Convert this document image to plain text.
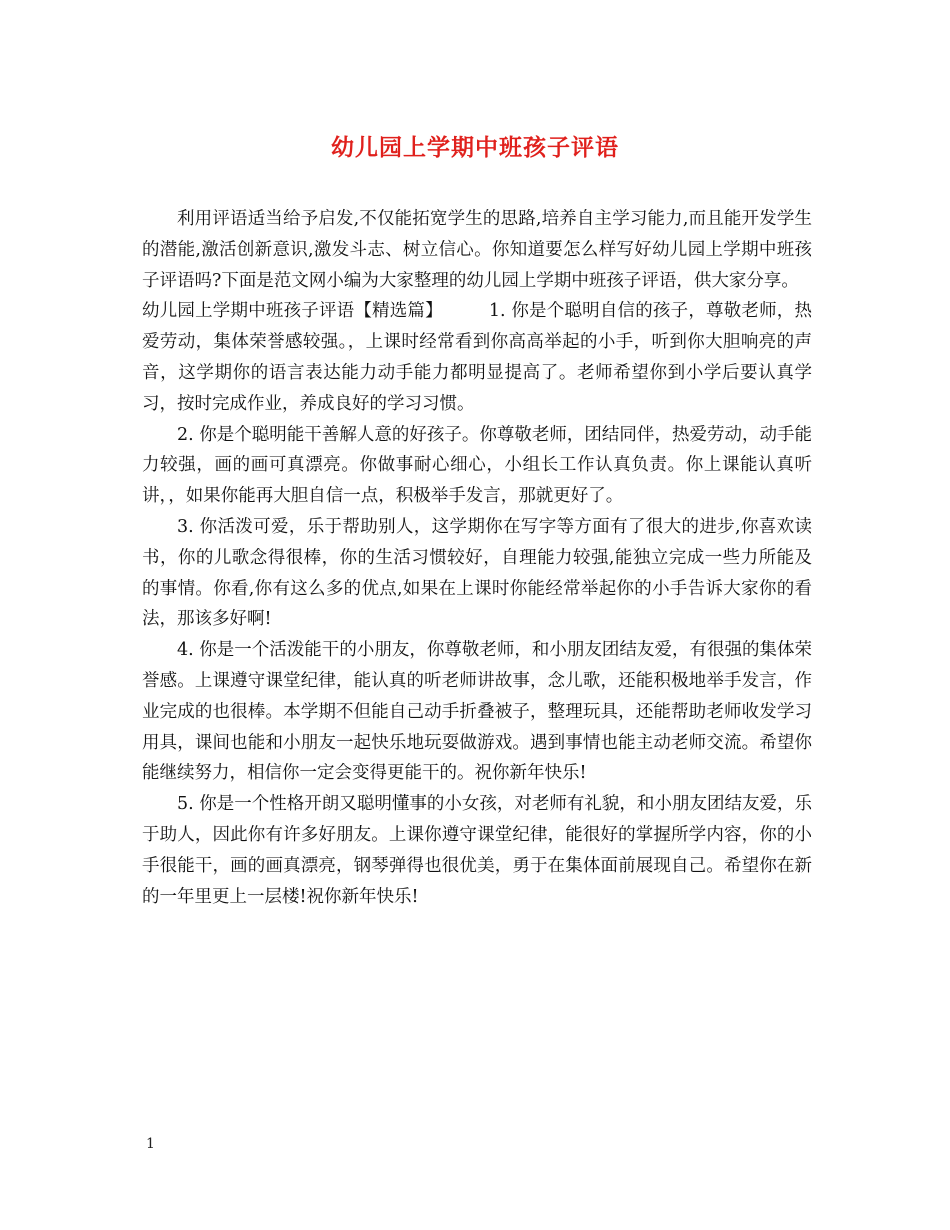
幼儿园上学期中班孩子评语

利用评语适当给予启发,不仅能拓宽学生的思路,培养自主学习能力,而且能开发学生的潜能,激活创新意识,激发斗志、树立信心。你知道要怎么样写好幼儿园上学期中班孩子评语吗?下面是范文网小编为大家整理的幼儿园上学期中班孩子评语，供大家分享。

幼儿园上学期中班孩子评语【精选篇】	1. 你是个聪明自信的孩子，尊敬老师，热爱劳动，集体荣誉感较强。，上课时经常看到你高高举起的小手，听到你大胆响亮的声音，这学期你的语言表达能力动手能力都明显提高了。老师希望你到小学后要认真学习，按时完成作业，养成良好的学习习惯。

2. 你是个聪明能干善解人意的好孩子。你尊敬老师，团结同伴，热爱劳动，动手能力较强，画的画可真漂亮。你做事耐心细心，小组长工作认真负责。你上课能认真听讲，，如果你能再大胆自信一点，积极举手发言，那就更好了。

3. 你活泼可爱，乐于帮助别人，这学期你在写字等方面有了很大的进步,你喜欢读书，你的儿歌念得很棒，你的生活习惯较好，自理能力较强,能独立完成一些力所能及的事情。你看,你有这么多的优点,如果在上课时你能经常举起你的小手告诉大家你的看法，那该多好啊!

4. 你是一个活泼能干的小朋友，你尊敬老师，和小朋友团结友爱，有很强的集体荣誉感。上课遵守课堂纪律，能认真的听老师讲故事，念儿歌，还能积极地举手发言，作业完成的也很棒。本学期不但能自己动手折叠被子，整理玩具，还能帮助老师收发学习用具，课间也能和小朋友一起快乐地玩耍做游戏。遇到事情也能主动老师交流。希望你能继续努力，相信你一定会变得更能干的。祝你新年快乐!

5. 你是一个性格开朗又聪明懂事的小女孩，对老师有礼貌，和小朋友团结友爱，乐于助人，因此你有许多好朋友。上课你遵守课堂纪律，能很好的掌握所学内容，你的小手很能干，画的画真漂亮，钢琴弹得也很优美，勇于在集体面前展现自己。希望你在新的一年里更上一层楼!祝你新年快乐!

1
